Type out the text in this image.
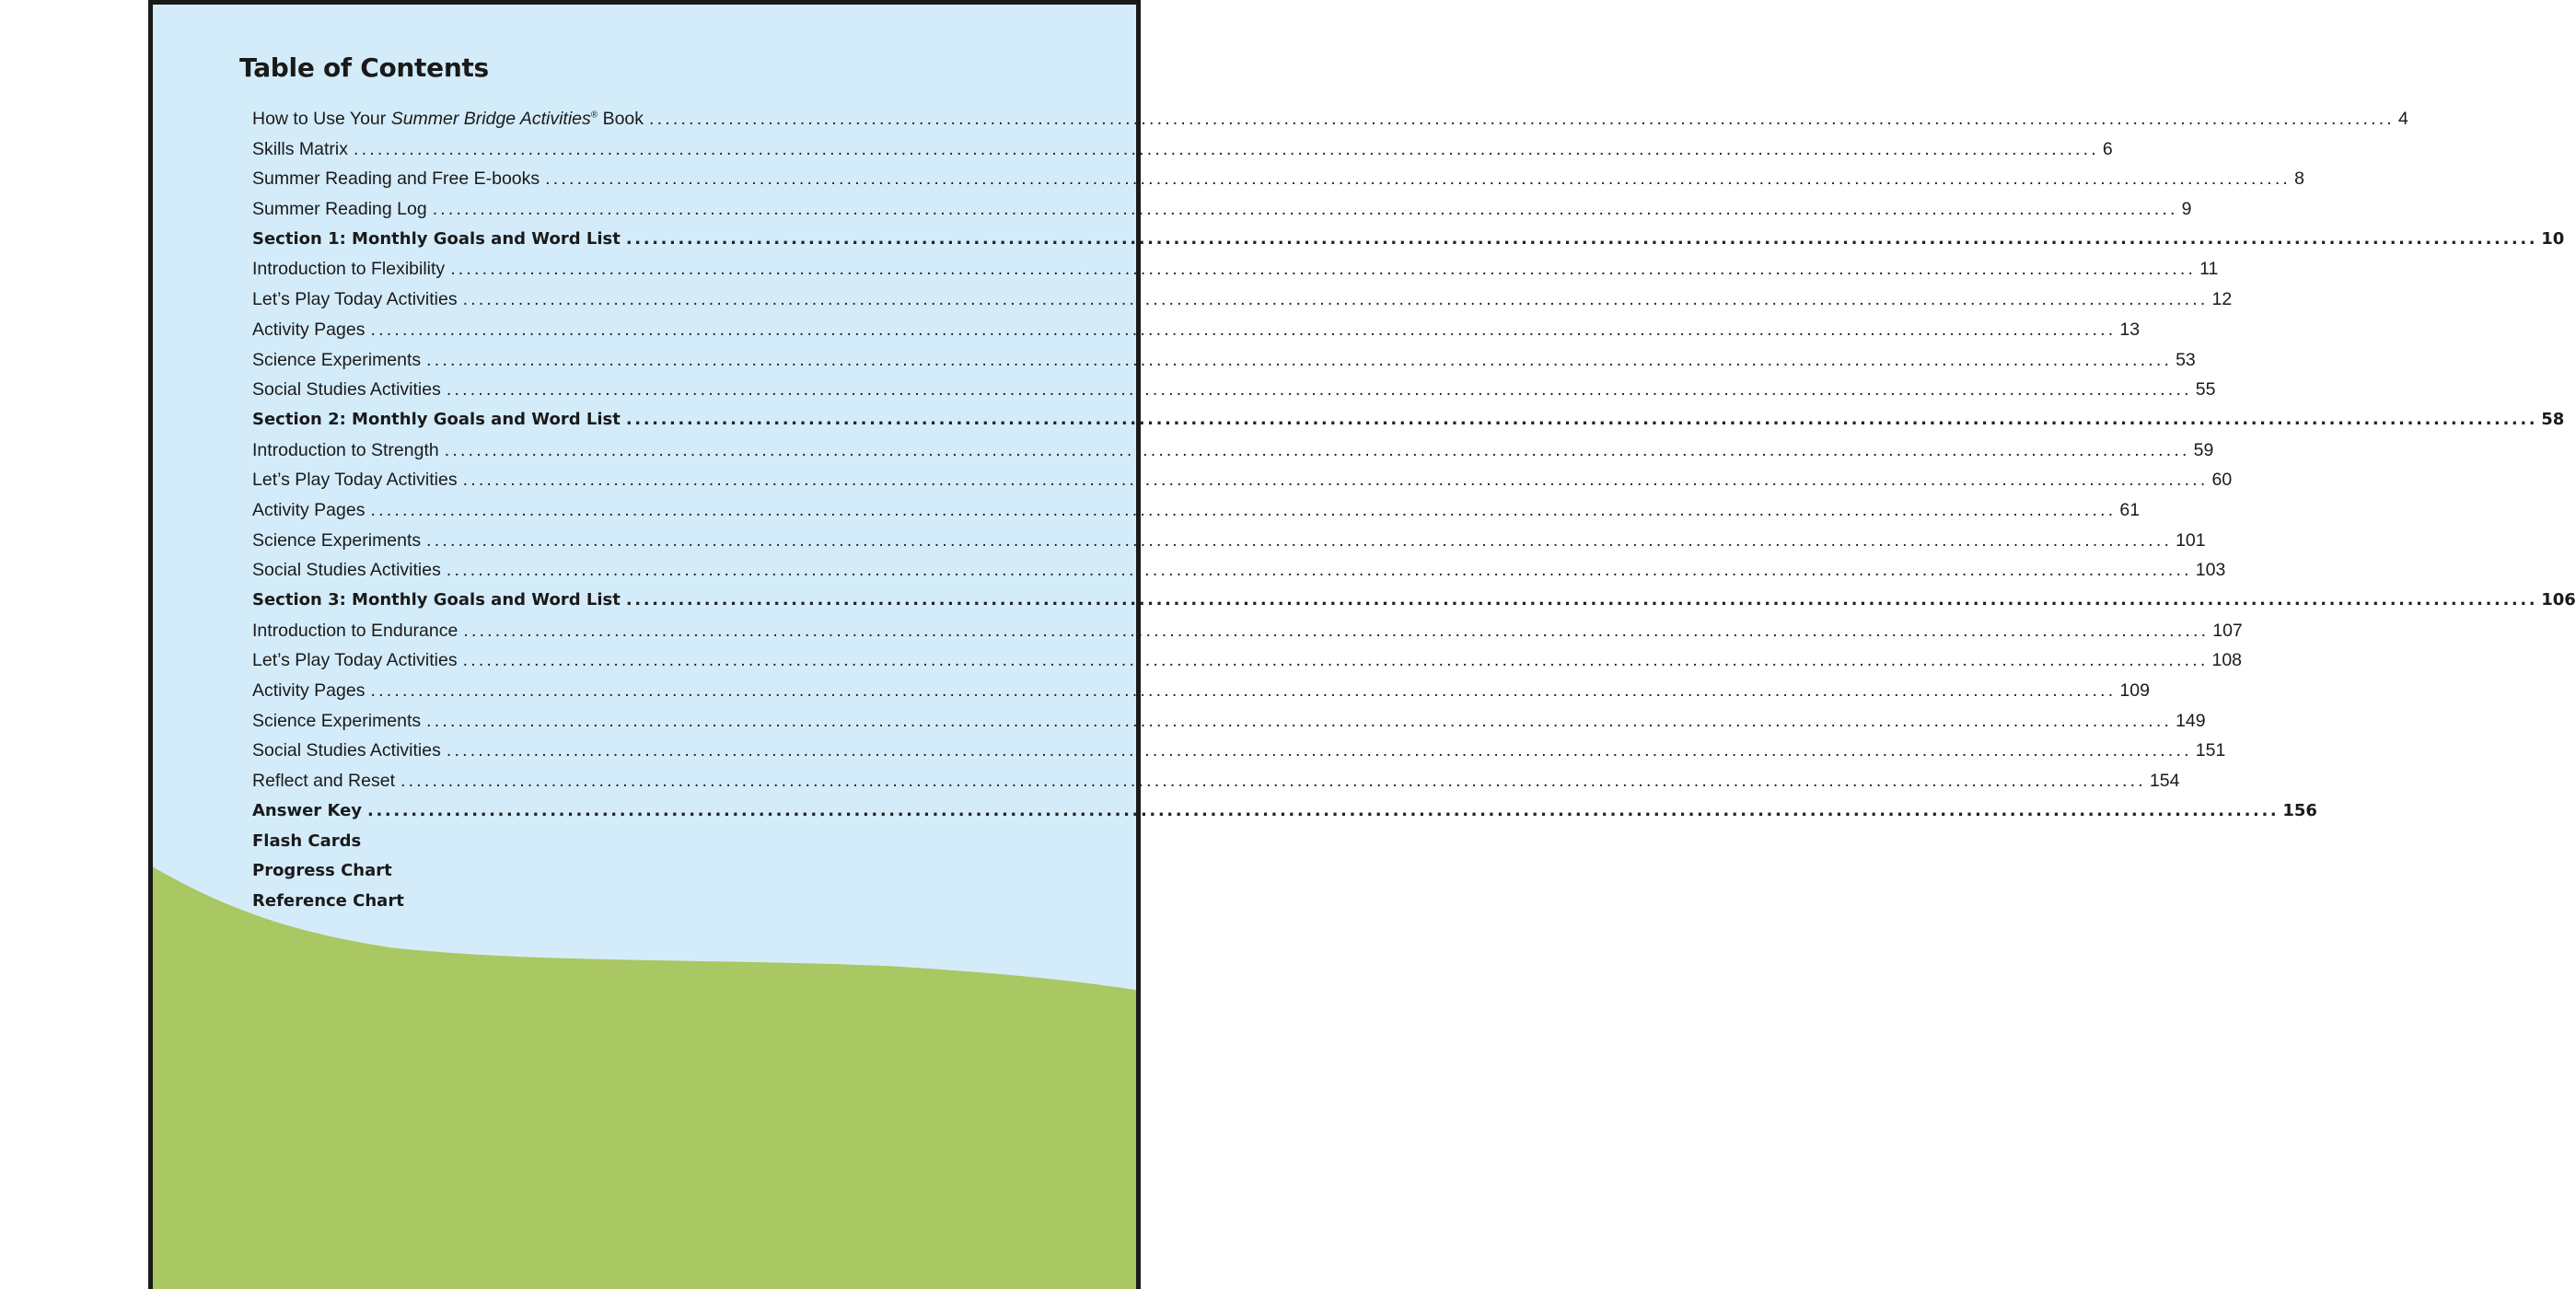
Table of Contents
How to Use Your Summer Bridge Activities® Book ............................................................................................................................................................................................................................ 4
Skills Matrix ............................................................................................................................................................................................................................ 6
Summer Reading and Free E-books ............................................................................................................................................................................................................................ 8
Summer Reading Log ............................................................................................................................................................................................................................ 9
Section 1: Monthly Goals and Word List ............................................................................................................................................................................................................................ 10
Introduction to Flexibility ............................................................................................................................................................................................................................ 11
Let’s Play Today Activities ............................................................................................................................................................................................................................ 12
Activity Pages ............................................................................................................................................................................................................................ 13
Science Experiments ............................................................................................................................................................................................................................ 53
Social Studies Activities ............................................................................................................................................................................................................................ 55
Section 2: Monthly Goals and Word List ............................................................................................................................................................................................................................ 58
Introduction to Strength ............................................................................................................................................................................................................................ 59
Let’s Play Today Activities ............................................................................................................................................................................................................................ 60
Activity Pages ............................................................................................................................................................................................................................ 61
Science Experiments ............................................................................................................................................................................................................................ 101
Social Studies Activities ............................................................................................................................................................................................................................ 103
Section 3: Monthly Goals and Word List ............................................................................................................................................................................................................................ 106
Introduction to Endurance ............................................................................................................................................................................................................................ 107
Let’s Play Today Activities ............................................................................................................................................................................................................................ 108
Activity Pages ............................................................................................................................................................................................................................ 109
Science Experiments ............................................................................................................................................................................................................................ 149
Social Studies Activities ............................................................................................................................................................................................................................ 151
Reflect and Reset ............................................................................................................................................................................................................................ 154
Answer Key ............................................................................................................................................................................................................................ 156
Flash Cards
Progress Chart
Reference Chart
